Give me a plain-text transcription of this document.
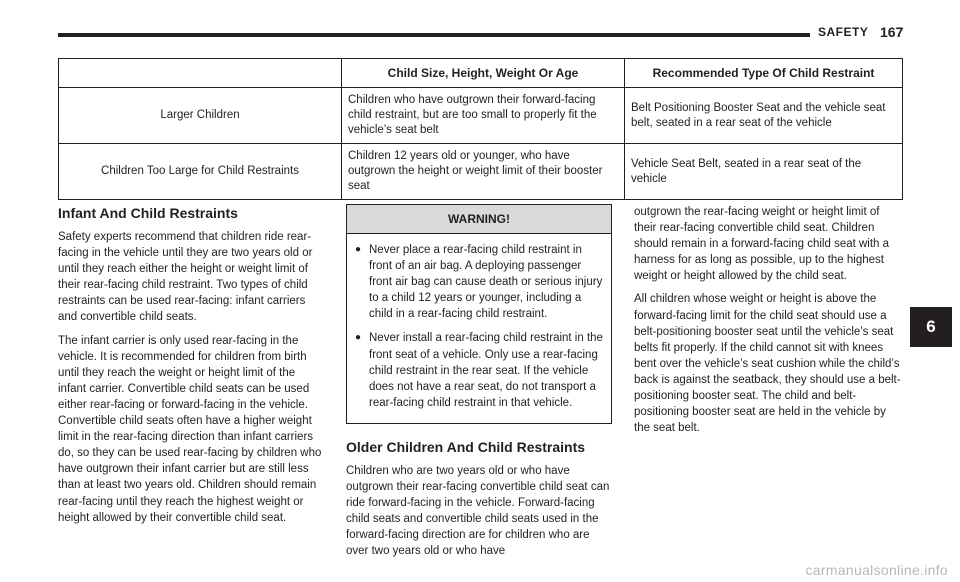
SAFETY 167
	Child Size, Height, Weight Or Age	Recommended Type Of Child Restraint
Larger Children	Children who have outgrown their forward-facing child restraint, but are too small to properly fit the vehicle’s seat belt	Belt Positioning Booster Seat and the vehicle seat belt, seated in a rear seat of the vehicle
Children Too Large for Child Restraints	Children 12 years old or younger, who have outgrown the height or weight limit of their booster seat	Vehicle Seat Belt, seated in a rear seat of the vehicle
Infant And Child Restraints

Safety experts recommend that children ride rear-facing in the vehicle until they are two years old or until they reach either the height or weight limit of their rear-facing child restraint. Two types of child restraints can be used rear-facing: infant carriers and convertible child seats.

The infant carrier is only used rear-facing in the vehicle. It is recommended for children from birth until they reach the weight or height limit of the infant carrier. Convertible child seats can be used either rear-facing or forward-facing in the vehicle. Convertible child seats often have a higher weight limit in the rear-facing direction than infant carriers do, so they can be used rear-facing by children who have outgrown their infant carrier but are still less than at least two years old. Children should remain rear-facing until they reach the highest weight or height allowed by their convertible child seat.

WARNING!
● Never place a rear-facing child restraint in front of an air bag. A deploying passenger front air bag can cause death or serious injury to a child 12 years or younger, including a child in a rear-facing child restraint.
● Never install a rear-facing child restraint in the front seat of a vehicle. Only use a rear-facing child restraint in the rear seat. If the vehicle does not have a rear seat, do not transport a rear-facing child restraint in that vehicle.
Older Children And Child Restraints

Children who are two years old or who have outgrown their rear-facing convertible child seat can ride forward-facing in the vehicle. Forward-facing child seats and convertible child seats used in the forward-facing direction are for children who are over two years old or who have

outgrown the rear-facing weight or height limit of their rear-facing convertible child seat. Children should remain in a forward-facing child seat with a harness for as long as possible, up to the highest weight or height allowed by the child seat.

All children whose weight or height is above the forward-facing limit for the child seat should use a belt-positioning booster seat until the vehicle’s seat belts fit properly. If the child cannot sit with knees bent over the vehicle’s seat cushion while the child’s back is against the seatback, they should use a belt-positioning booster seat. The child and belt-positioning booster seat are held in the vehicle by the seat belt.

6
carmanualsonline.info
